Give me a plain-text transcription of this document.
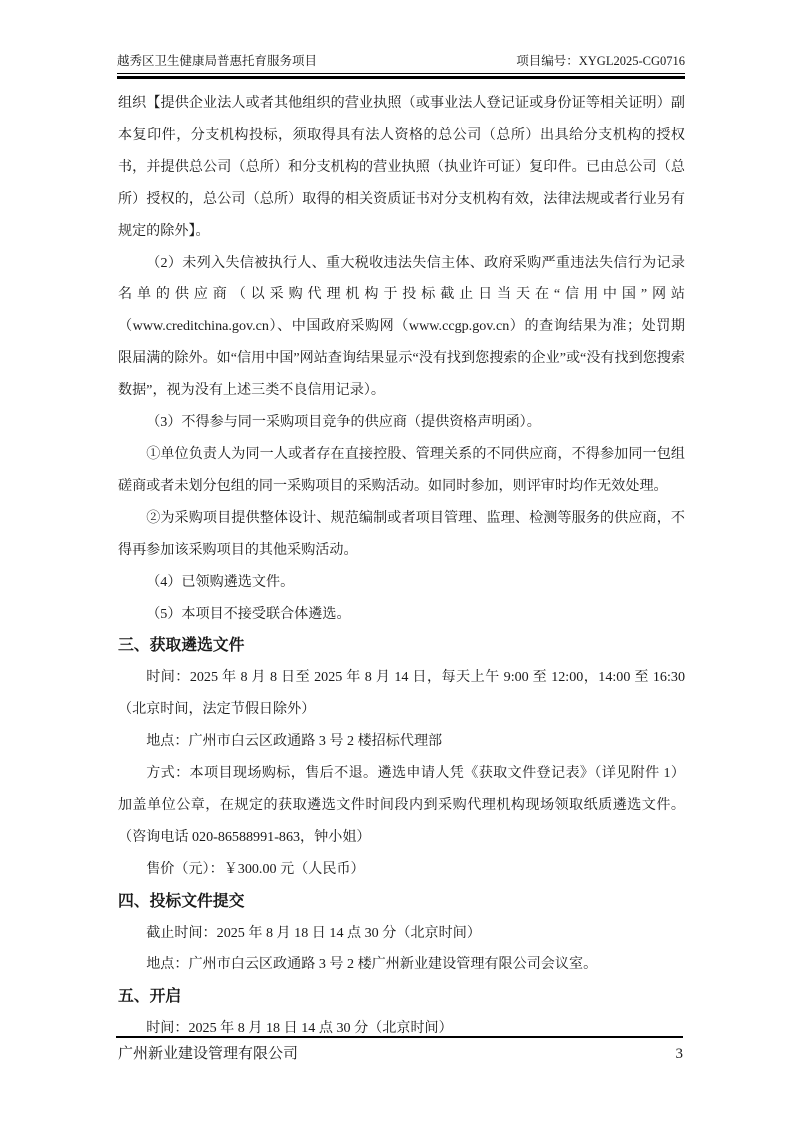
越秀区卫生健康局普惠托育服务项目	项目编号：XYGL2025-CG0716

组织【提供企业法人或者其他组织的营业执照（或事业法人登记证或身份证等相关证明）副本复印件，分支机构投标，须取得具有法人资格的总公司（总所）出具给分支机构的授权书，并提供总公司（总所）和分支机构的营业执照（执业许可证）复印件。已由总公司（总所）授权的，总公司（总所）取得的相关资质证书对分支机构有效，法律法规或者行业另有规定的除外】。

（2）未列入失信被执行人、重大税收违法失信主体、政府采购严重违法失信行为记录名单的供应商（以采购代理机构于投标截止日当天在“信用中国”网站（www.creditchina.gov.cn）、中国政府采购网（www.ccgp.gov.cn）的查询结果为准；处罚期限届满的除外。如“信用中国”网站查询结果显示“没有找到您搜索的企业”或“没有找到您搜索数据”，视为没有上述三类不良信用记录）。

（3）不得参与同一采购项目竞争的供应商（提供资格声明函）。

①单位负责人为同一人或者存在直接控股、管理关系的不同供应商，不得参加同一包组磋商或者未划分包组的同一采购项目的采购活动。如同时参加，则评审时均作无效处理。

②为采购项目提供整体设计、规范编制或者项目管理、监理、检测等服务的供应商，不得再参加该采购项目的其他采购活动。

（4）已领购遴选文件。

（5）本项目不接受联合体遴选。

三、获取遴选文件

时间：2025 年 8 月 8 日至 2025 年 8 月 14 日，每天上午 9:00 至 12:00，14:00 至 16:30（北京时间，法定节假日除外）

地点：广州市白云区政通路 3 号 2 楼招标代理部

方式：本项目现场购标，售后不退。遴选申请人凭《获取文件登记表》（详见附件 1）加盖单位公章，在规定的获取遴选文件时间段内到采购代理机构现场领取纸质遴选文件。（咨询电话 020-86588991-863，钟小姐）

售价（元）：￥300.00 元（人民币）

四、投标文件提交

截止时间：2025 年 8 月 18 日 14 点 30 分（北京时间）

地点：广州市白云区政通路 3 号 2 楼广州新业建设管理有限公司会议室。

五、开启

时间：2025 年 8 月 18 日 14 点 30 分（北京时间）

广州新业建设管理有限公司	3
